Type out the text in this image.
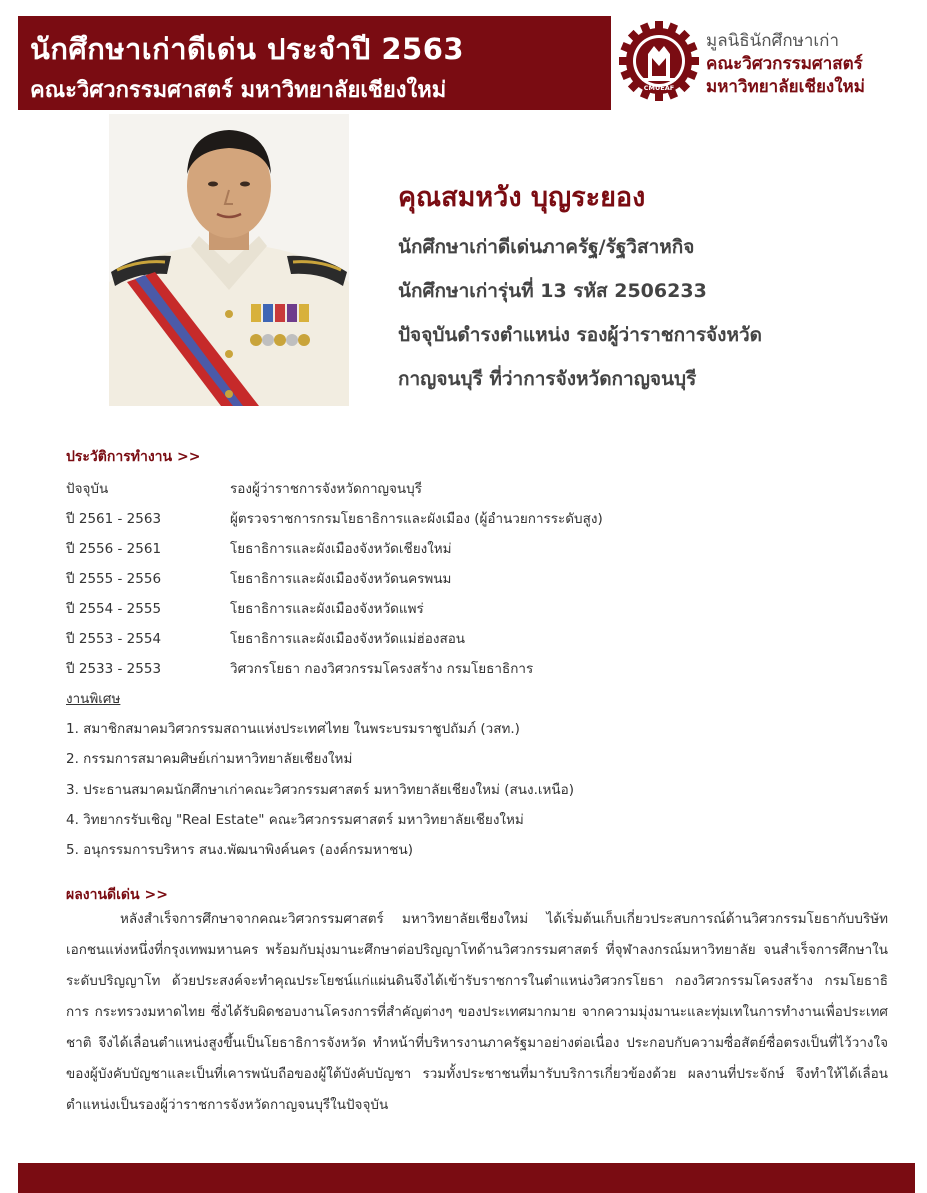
นักศึกษาเก่าดีเด่น ประจำปี 2563
คณะวิศวกรรมศาสตร์ มหาวิทยาลัยเชียงใหม่	CMUEAF
มูลนิธินักศึกษาเก่า
คณะวิศวกรรมศาสตร์
มหาวิทยาลัยเชียงใหม่
คุณสมหวัง บุญระยอง
นักศึกษาเก่าดีเด่นภาครัฐ/รัฐวิสาหกิจ
นักศึกษาเก่ารุ่นที่ 13 รหัส 2506233
ปัจจุบันดำรงตำแหน่ง รองผู้ว่าราชการจังหวัด
กาญจนบุรี ที่ว่าการจังหวัดกาญจนบุรี
ประวัติการทำงาน >>
ปัจจุบัน	รองผู้ว่าราชการจังหวัดกาญจนบุรี
ปี 2561 - 2563	ผู้ตรวจราชการกรมโยธาธิการและผังเมือง (ผู้อำนวยการระดับสูง)
ปี 2556 - 2561	โยธาธิการและผังเมืองจังหวัดเชียงใหม่
ปี 2555 - 2556	โยธาธิการและผังเมืองจังหวัดนครพนม
ปี 2554 - 2555	โยธาธิการและผังเมืองจังหวัดแพร่
ปี 2553 - 2554	โยธาธิการและผังเมืองจังหวัดแม่ฮ่องสอน
ปี 2533 - 2553	วิศวกรโยธา กองวิศวกรรมโครงสร้าง กรมโยธาธิการ
งานพิเศษ
1. สมาชิกสมาคมวิศวกรรมสถานแห่งประเทศไทย ในพระบรมราชูปถัมภ์ (วสท.)
2. กรรมการสมาคมศิษย์เก่ามหาวิทยาลัยเชียงใหม่
3. ประธานสมาคมนักศึกษาเก่าคณะวิศวกรรมศาสตร์ มหาวิทยาลัยเชียงใหม่ (สนง.เหนือ)
4. วิทยากรรับเชิญ "Real Estate" คณะวิศวกรรมศาสตร์ มหาวิทยาลัยเชียงใหม่
5. อนุกรรมการบริหาร สนง.พัฒนาพิงค์นคร (องค์กรมหาชน)
ผลงานดีเด่น >>
หลังสำเร็จการศึกษาจากคณะวิศวกรรมศาสตร์ มหาวิทยาลัยเชียงใหม่ ได้เริ่มต้นเก็บเกี่ยวประสบการณ์ด้านวิศวกรรมโยธากับบริษัทเอกชนแห่งหนึ่งที่กรุงเทพมหานคร พร้อมกับมุ่งมานะศึกษาต่อปริญญาโทด้านวิศวกรรมศาสตร์ ที่จุฬาลงกรณ์มหาวิทยาลัย จนสำเร็จการศึกษาในระดับปริญญาโท ด้วยประสงค์จะทำคุณประโยชน์แก่แผ่นดินจึงได้เข้ารับราชการในตำแหน่งวิศวกรโยธา กองวิศวกรรมโครงสร้าง กรมโยธาธิการ กระทรวงมหาดไทย ซึ่งได้รับผิดชอบงานโครงการที่สำคัญต่างๆ ของประเทศมากมาย จากความมุ่งมานะและทุ่มเทในการทำงานเพื่อประเทศชาติ จึงได้เลื่อนตำแหน่งสูงขึ้นเป็นโยธาธิการจังหวัด ทำหน้าที่บริหารงานภาครัฐมาอย่างต่อเนื่อง ประกอบกับความซื่อสัตย์ซื่อตรงเป็นที่ไว้วางใจของผู้บังคับบัญชาและเป็นที่เคารพนับถือของผู้ใต้บังคับบัญชา รวมทั้งประชาชนที่มารับบริการเกี่ยวข้องด้วย ผลงานที่ประจักษ์ จึงทำให้ได้เลื่อนตำแหน่งเป็นรองผู้ว่าราชการจังหวัดกาญจนบุรีในปัจจุบัน
